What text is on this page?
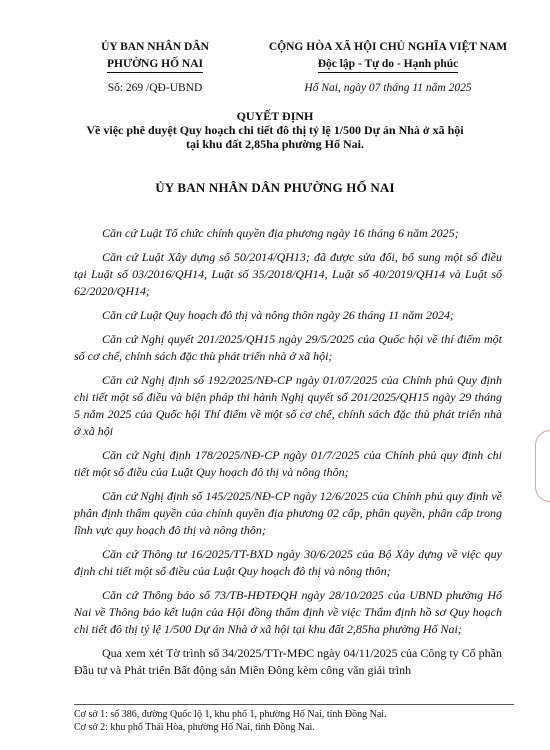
ỦY BAN NHÂN DÂN
PHƯỜNG HỐ NAI
Số: 269 /QĐ-UBND
CỘNG HÒA XÃ HỘI CHỦ NGHĨA VIỆT NAM
Độc lập - Tự do - Hạnh phúc
Hố Nai, ngày 07 tháng 11 năm 2025
QUYẾT ĐỊNH
Về việc phê duyệt Quy hoạch chi tiết đô thị tỷ lệ 1/500 Dự án Nhà ở xã hội
tại khu đất 2,85ha phường Hố Nai.
ỦY BAN NHÂN DÂN PHƯỜNG HỐ NAI

Căn cứ Luật Tổ chức chính quyền địa phương ngày 16 tháng 6 năm 2025;

Căn cứ Luật Xây dựng số 50/2014/QH13; đã được sửa đổi, bổ sung một số điều tại Luật số 03/2016/QH14, Luật số 35/2018/QH14, Luật số 40/2019/QH14 và Luật số 62/2020/QH14;

Căn cứ Luật Quy hoạch đô thị và nông thôn ngày 26 tháng 11 năm 2024;

Căn cứ Nghị quyết 201/2025/QH15 ngày 29/5/2025 của Quốc hội về thí điểm một số cơ chế, chính sách đặc thù phát triển nhà ở xã hội;

Căn cứ Nghị định số 192/2025/NĐ-CP ngày 01/07/2025 của Chính phủ Quy định chi tiết một số điều và biện pháp thi hành Nghị quyết số 201/2025/QH15 ngày 29 tháng 5 năm 2025 của Quốc hội Thí điểm về một số cơ chế, chính sách đặc thù phát triển nhà ở xã hội

Căn cứ Nghị định 178/2025/NĐ-CP ngày 01/7/2025 của Chính phủ quy định chi tiết một số điều của Luật Quy hoạch đô thị và nông thôn;

Căn cứ Nghị định số 145/2025/NĐ-CP ngày 12/6/2025 của Chính phủ quy định về phân định thẩm quyền của chính quyền địa phương 02 cấp, phân quyền, phân cấp trong lĩnh vực quy hoạch đô thị và nông thôn;

Căn cứ Thông tư 16/2025/TT-BXD ngày 30/6/2025 của Bộ Xây dựng về việc quy định chi tiết một số điều của Luật Quy hoạch đô thị và nông thôn;

Căn cứ Thông báo số 73/TB-HĐTĐQH ngày 28/10/2025 của UBND phường Hố Nai về Thông báo kết luận của Hội đồng thẩm định về việc Thẩm định hồ sơ Quy hoạch chi tiết đô thị tỷ lệ 1/500 Dự án Nhà ở xã hội tại khu đất 2,85ha phường Hố Nai;

Qua xem xét Tờ trình số 34/2025/TTr-MĐC ngày 04/11/2025 của Công ty Cổ phần Đầu tư và Phát triển Bất động sản Miền Đông kèm công văn giải trình

Cơ sở 1: số 386, đường Quốc lộ 1, khu phố 1, phường Hố Nai, tỉnh Đồng Nai.
Cơ sở 2: khu phố Thái Hòa, phường Hố Nai, tỉnh Đồng Nai.
